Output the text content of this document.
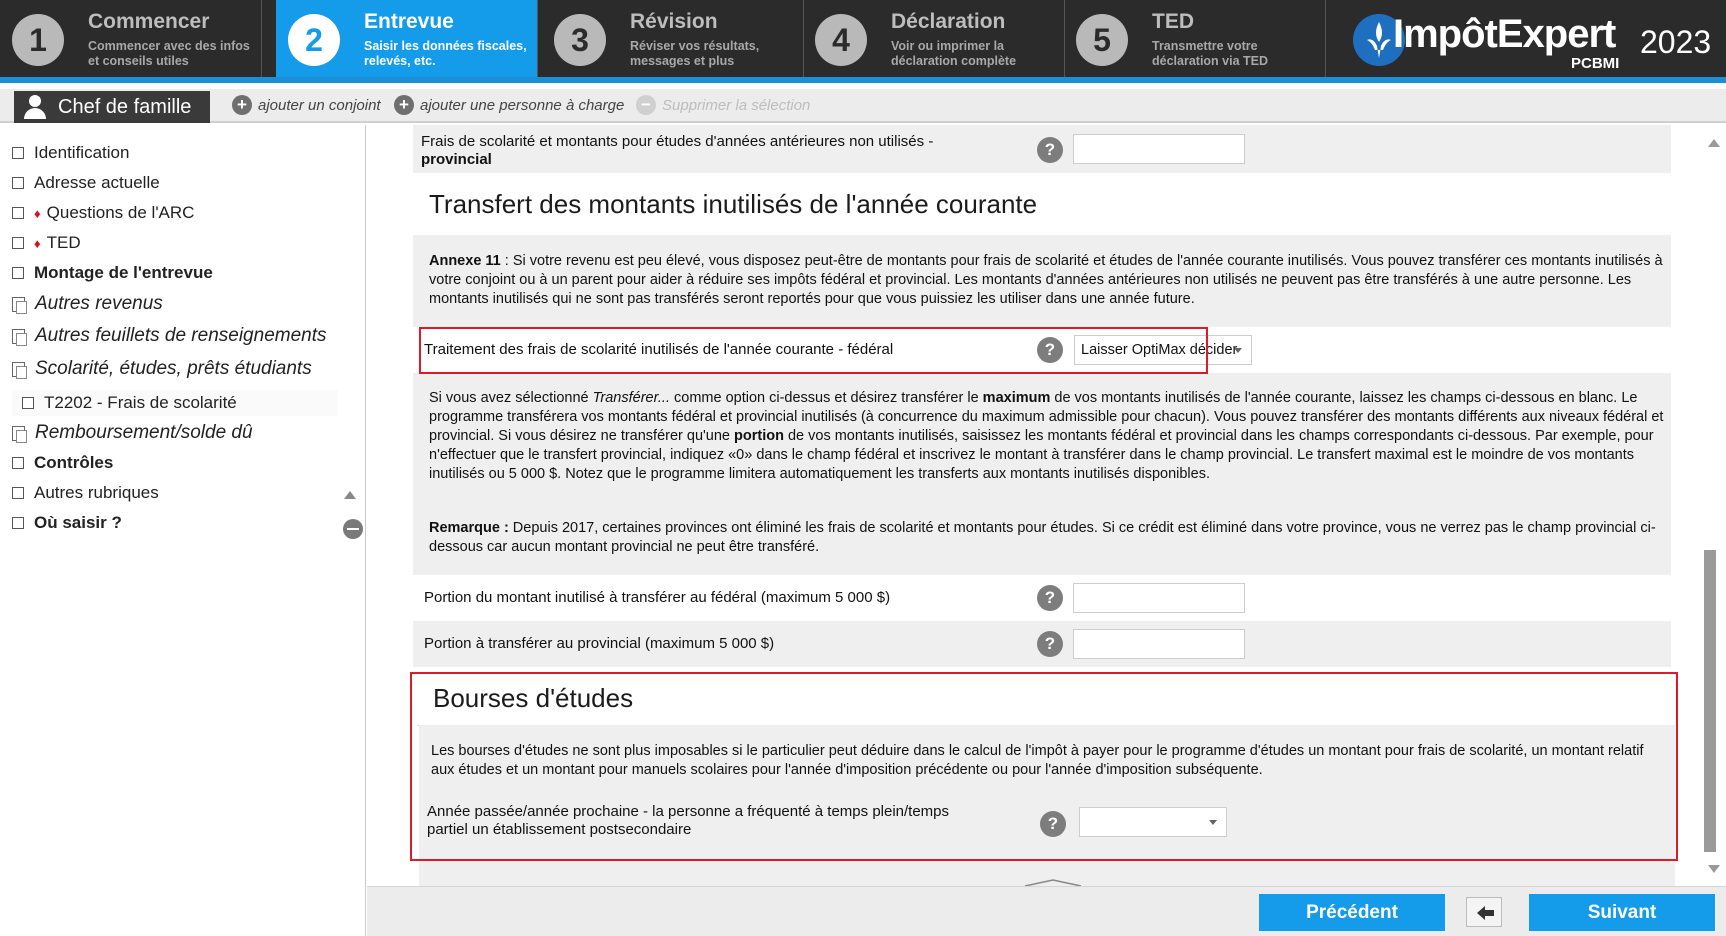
1	Commencer
Commencer avec des infos et conseils utiles
2	Entrevue
Saisir les données fiscales, relevés, etc.
3	Révision
Réviser vos résultats, messages et plus
4	Déclaration
Voir ou imprimer la déclaration complète
5	TED
Transmettre votre déclaration via TED
ImpôtExpert 2023
PCBMI
Chef de famille	+ ajouter un conjoint + ajouter une personne à charge − Supprimer la sélection
Identification
Adresse actuelle
♦ Questions de l'ARC
♦ TED
Montage de l'entrevue
Autres revenus
Autres feuillets de renseignements
Scolarité, études, prêts étudiants
T2202 - Frais de scolarité
Remboursement/solde dû
Contrôles
Autres rubriques
Où saisir ?
Frais de scolarité et montants pour études d'années antérieures non utilisés -
provincial
?
Transfert des montants inutilisés de l'année courante
Annexe 11 : Si votre revenu est peu élevé, vous disposez peut-être de montants pour frais de scolarité et études de l'année courante inutilisés. Vous pouvez transférer ces montants inutilisés à votre conjoint ou à un parent pour aider à réduire ses impôts fédéral et provincial. Les montants d'années antérieures non utilisés ne peuvent pas être transférés à une autre personne. Les montants inutilisés qui ne sont pas transférés seront reportés pour que vous puissiez les utiliser dans une année future.
Traitement des frais de scolarité inutilisés de l'année courante - fédéral	?	Laisser OptiMax décider
Si vous avez sélectionné Transférer... comme option ci-dessus et désirez transférer le maximum de vos montants inutilisés de l'année courante, laissez les champs ci-dessous en blanc. Le programme transférera vos montants fédéral et provincial inutilisés (à concurrence du maximum admissible pour chacun). Vous pouvez transférer des montants différents aux niveaux fédéral et provincial. Si vous désirez ne transférer qu'une portion de vos montants inutilisés, saisissez les montants fédéral et provincial dans les champs correspondants ci-dessous. Par exemple, pour n'effectuer que le transfert provincial, indiquez «0» dans le champ fédéral et inscrivez le montant à transférer dans le champ provincial. Le transfert maximal est le moindre de vos montants inutilisés ou 5 000 $. Notez que le programme limitera automatiquement les transferts aux montants inutilisés disponibles.
Remarque : Depuis 2017, certaines provinces ont éliminé les frais de scolarité et montants pour études. Si ce crédit est éliminé dans votre province, vous ne verrez pas le champ provincial ci-dessous car aucun montant provincial ne peut être transféré.
Portion du montant inutilisé à transférer au fédéral (maximum 5 000 $)	?
Portion à transférer au provincial (maximum 5 000 $)	?
Bourses d'études
Les bourses d'études ne sont plus imposables si le particulier peut déduire dans le calcul de l'impôt à payer pour le programme d'études un montant pour frais de scolarité, un montant relatif aux études et un montant pour manuels scolaires pour l'année d'imposition précédente ou pour l'année d'imposition subséquente.
Année passée/année prochaine - la personne a fréquenté à temps plein/temps partiel un établissement postsecondaire	?
Précédent	Suivant
